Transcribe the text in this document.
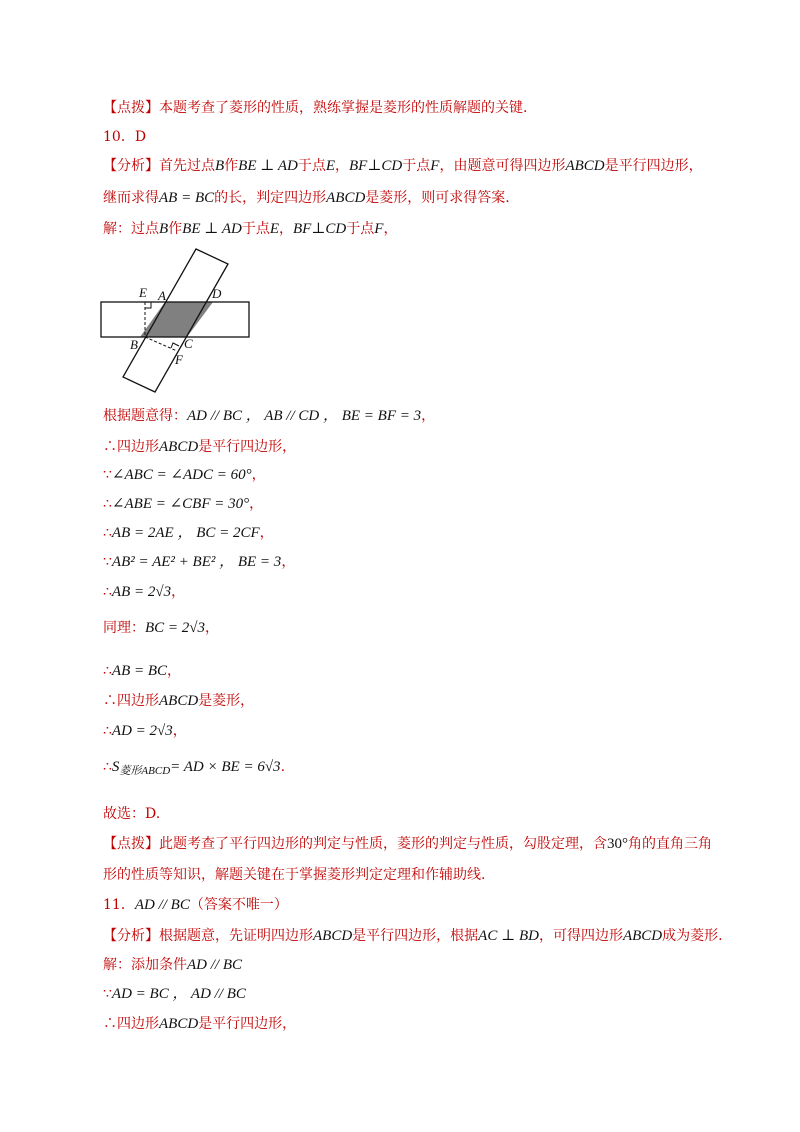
【点拨】本题考查了菱形的性质，熟练掌握是菱形的性质解题的关键.
10．D
【分析】首先过点B作BE ⊥ AD于点E，BF⊥CD于点F，由题意可得四边形ABCD是平行四边形，
继而求得AB = BC的长，判定四边形ABCD是菱形，则可求得答案.
解：过点B作BE ⊥ AD于点E，BF⊥CD于点F，
E A	D
B	C
F
根据题意得：AD // BC ， AB // CD ， BE = BF = 3，
∴四边形ABCD是平行四边形，
∵∠ABC = ∠ADC = 60°，
∴∠ABE = ∠CBF = 30°，
∴AB = 2AE ， BC = 2CF，
∵AB² = AE² + BE² ， BE = 3，
∴AB = 2√3，
同理：BC = 2√3，
∴AB = BC，
∴四边形ABCD是菱形，
∴AD = 2√3，
$\therefore S_{菱形ABCD}=$ AD × BE = 6√3.
故选：D.
【点拨】此题考查了平行四边形的判定与性质，菱形的判定与性质，勾股定理，含30°角的直角三角
形的性质等知识，解题关键在于掌握菱形判定定理和作辅助线.
11．AD // BC（答案不唯一）
【分析】根据题意，先证明四边形ABCD是平行四边形，根据AC ⊥ BD，可得四边形ABCD成为菱形.
解：添加条件AD // BC
∵AD = BC ， AD // BC
∴四边形ABCD是平行四边形，
